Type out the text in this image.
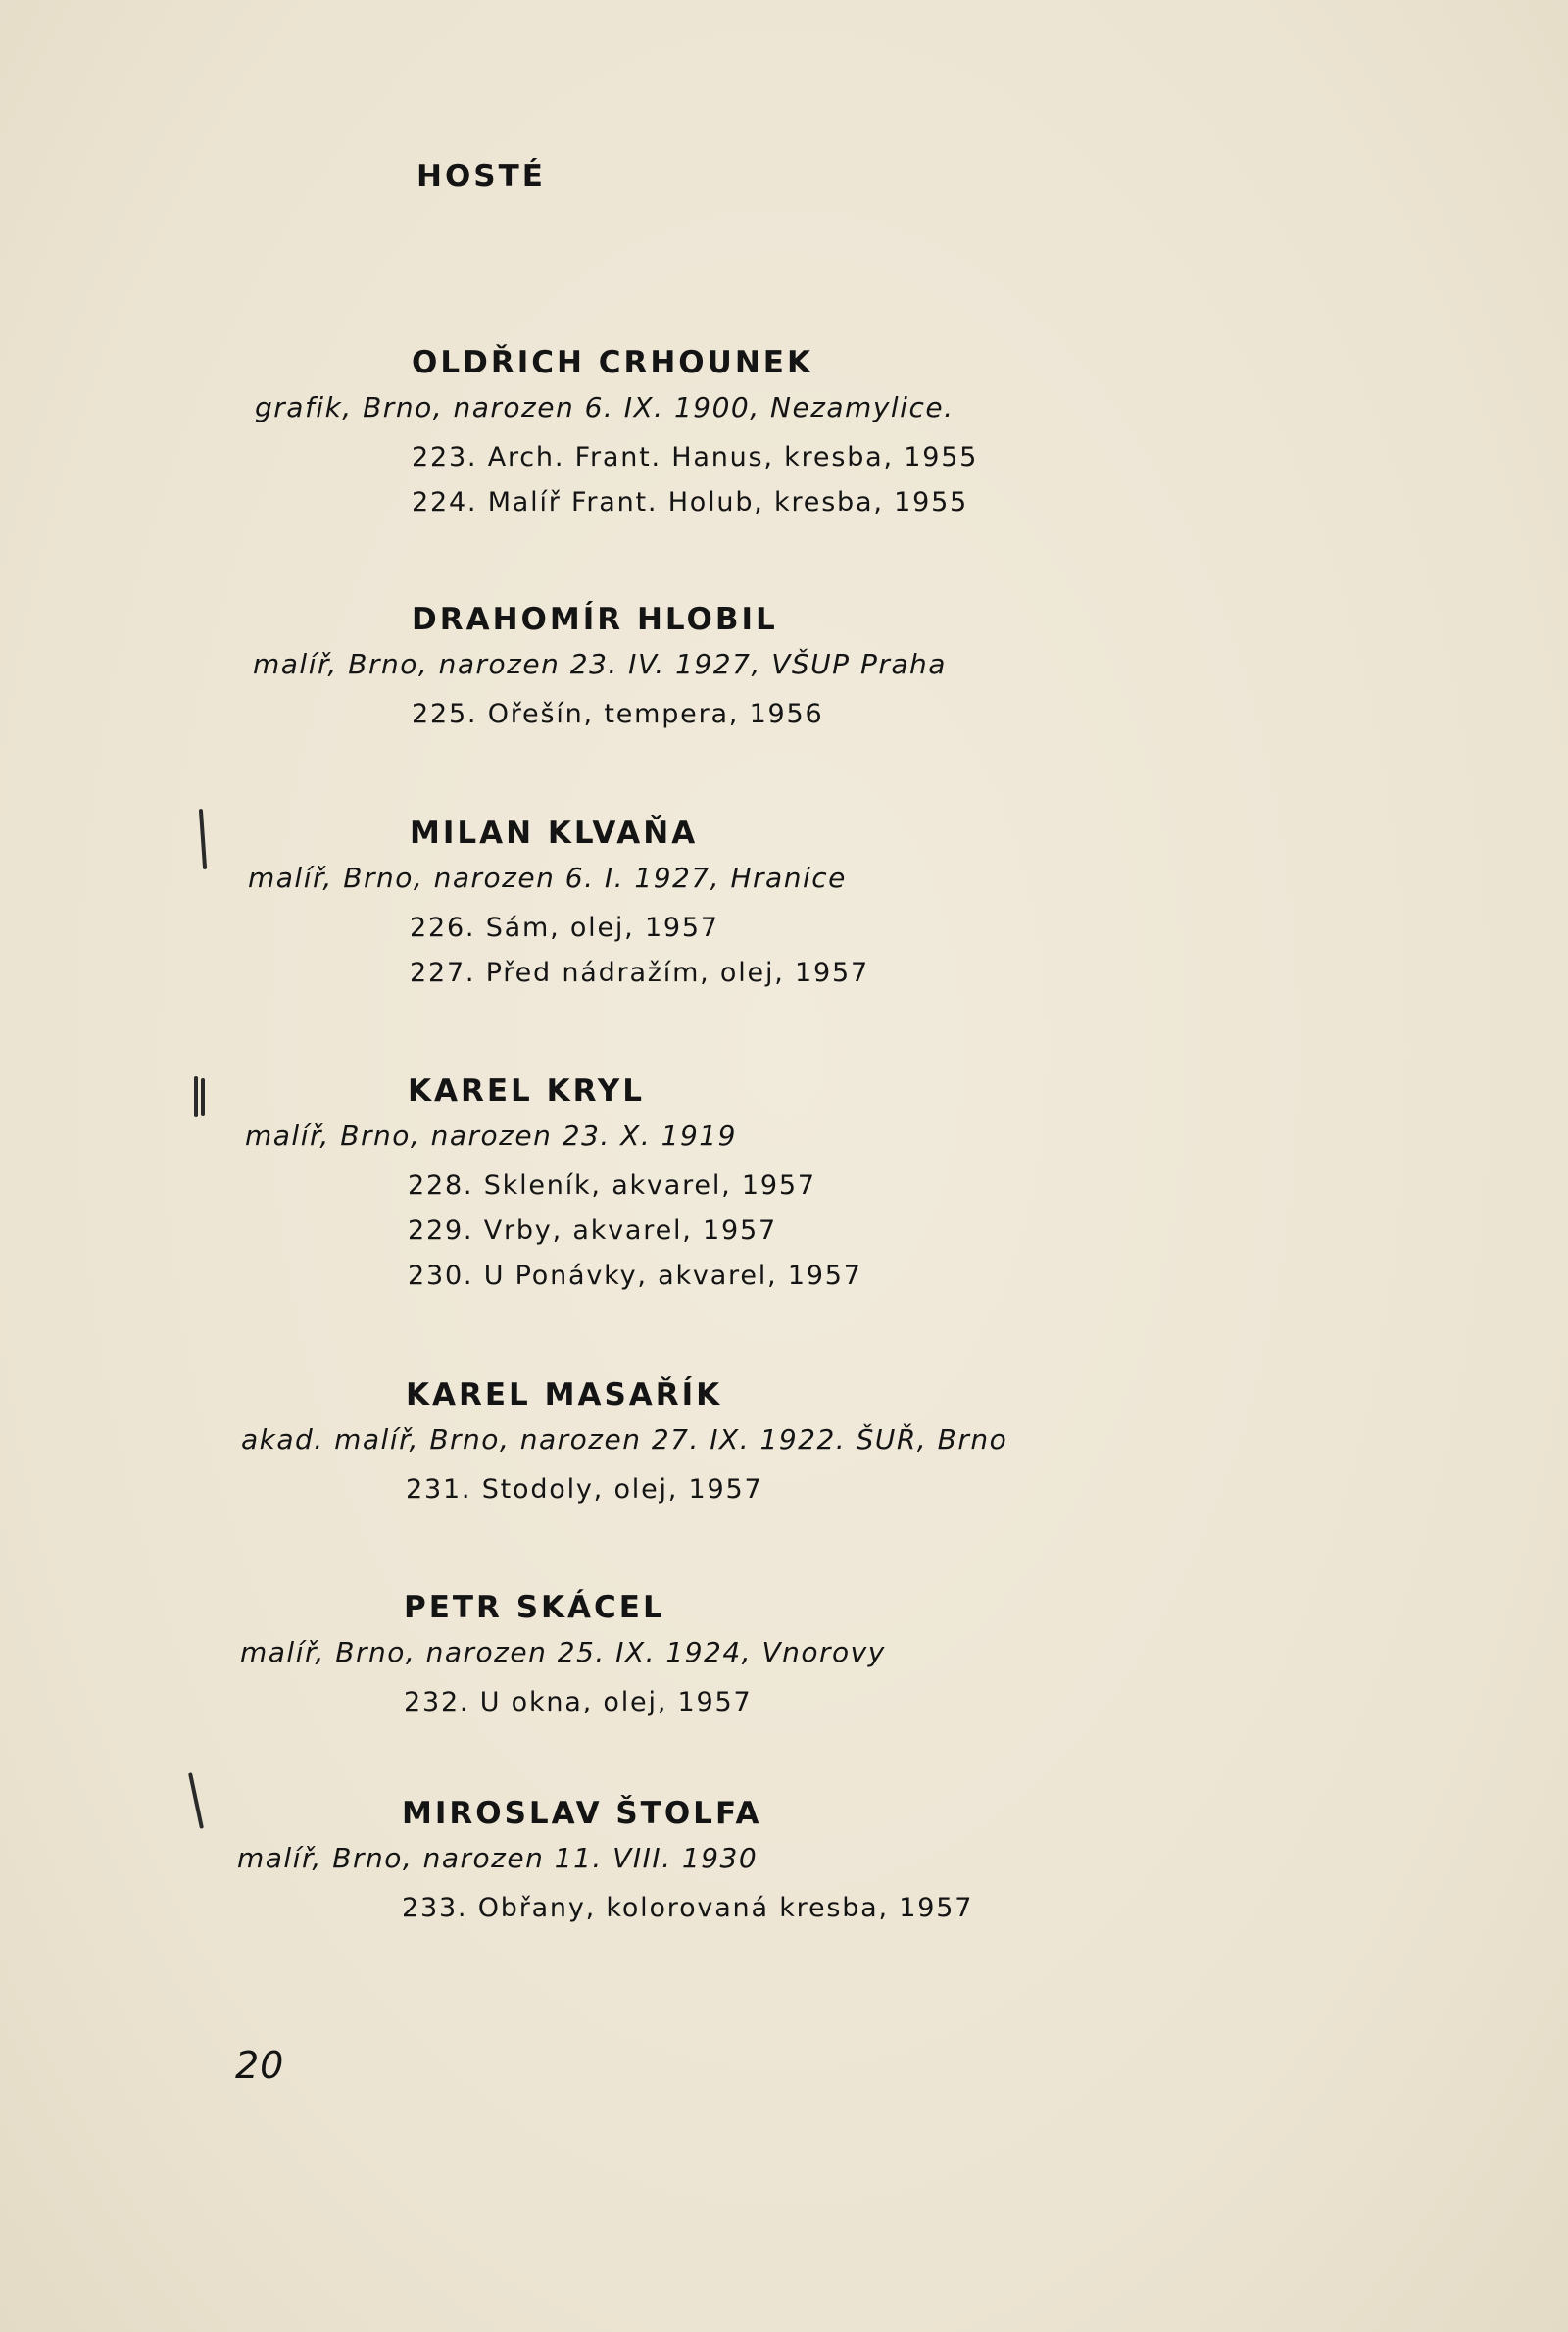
HOSTÉ
OLDŘICH CRHOUNEK
grafik, Brno, narozen 6. IX. 1900, Nezamylice.
223. Arch. Frant. Hanus, kresba, 1955
224. Malíř Frant. Holub, kresba, 1955
DRAHOMÍR HLOBIL
malíř, Brno, narozen 23. IV. 1927, VŠUP Praha
225. Ořešín, tempera, 1956
MILAN KLVAŇA
malíř, Brno, narozen 6. I. 1927, Hranice
226. Sám, olej, 1957
227. Před nádražím, olej, 1957
KAREL KRYL
malíř, Brno, narozen 23. X. 1919
228. Skleník, akvarel, 1957
229. Vrby, akvarel, 1957
230. U Ponávky, akvarel, 1957
KAREL MASAŘÍK
akad. malíř, Brno, narozen 27. IX. 1922. ŠUŘ, Brno
231. Stodoly, olej, 1957
PETR SKÁCEL
malíř, Brno, narozen 25. IX. 1924, Vnorovy
232. U okna, olej, 1957
MIROSLAV ŠTOLFA
malíř, Brno, narozen 11. VIII. 1930
233. Obřany, kolorovaná kresba, 1957
20
